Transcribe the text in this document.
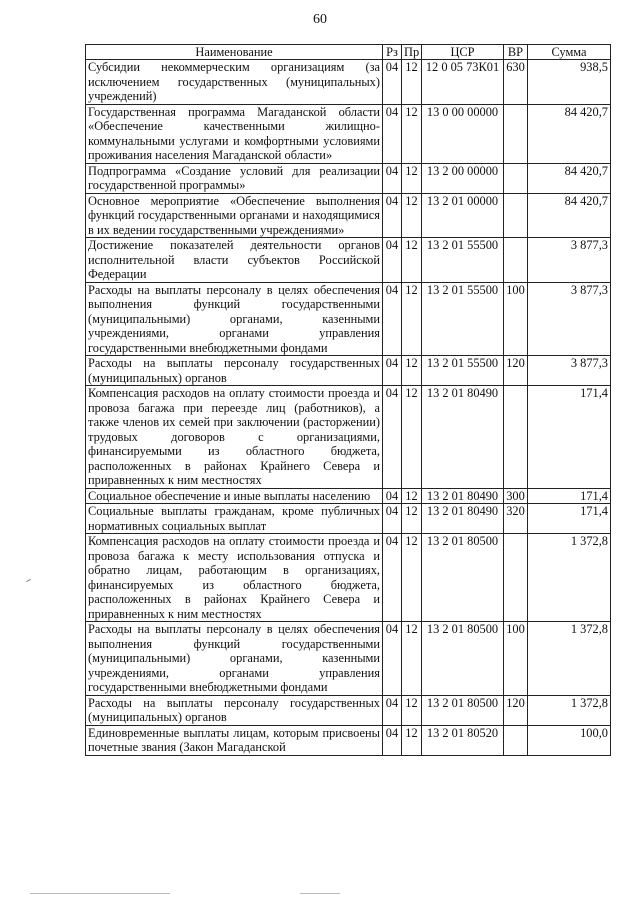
60
Наименование	Рз	Пр	ЦСР	ВР	Сумма
Субсидии некоммерческим организациям (за исключением государственных (муниципальных) учреждений)	04	12	12 0 05 73К01	630	938,5
Государственная программа Магаданской области «Обеспечение качественными жилищно-коммунальными услугами и комфортными условиями проживания населения Магаданской области»	04	12	13 0 00 00000		84 420,7
Подпрограмма «Создание условий для реализации государственной программы»	04	12	13 2 00 00000		84 420,7
Основное мероприятие «Обеспечение выполнения функций государственными органами и находящимися в их ведении государственными учреждениями»	04	12	13 2 01 00000		84 420,7
Достижение показателей деятельности органов исполнительной власти субъектов Российской Федерации	04	12	13 2 01 55500		3 877,3
Расходы на выплаты персоналу в целях обеспечения выполнения функций государственными (муниципальными) органами, казенными учреждениями, органами управления государственными внебюджетными фондами	04	12	13 2 01 55500	100	3 877,3
Расходы на выплаты персоналу государственных (муниципальных) органов	04	12	13 2 01 55500	120	3 877,3
Компенсация расходов на оплату стоимости проезда и провоза багажа при переезде лиц (работников), а также членов их семей при заключении (расторжении) трудовых договоров с организациями, финансируемыми из областного бюджета, расположенных в районах Крайнего Севера и приравненных к ним местностях	04	12	13 2 01 80490		171,4
Социальное обеспечение и иные выплаты населению	04	12	13 2 01 80490	300	171,4
Социальные выплаты гражданам, кроме публичных нормативных социальных выплат	04	12	13 2 01 80490	320	171,4
Компенсация расходов на оплату стоимости проезда и провоза багажа к месту использования отпуска и обратно лицам, работающим в организациях, финансируемых из областного бюджета, расположенных в районах Крайнего Севера и приравненных к ним местностях	04	12	13 2 01 80500		1 372,8
Расходы на выплаты персоналу в целях обеспечения выполнения функций государственными (муниципальными) органами, казенными учреждениями, органами управления государственными внебюджетными фондами	04	12	13 2 01 80500	100	1 372,8
Расходы на выплаты персоналу государственных (муниципальных) органов	04	12	13 2 01 80500	120	1 372,8
Единовременные выплаты лицам, которым присвоены почетные звания (Закон Магаданской	04	12	13 2 01 80520		100,0
